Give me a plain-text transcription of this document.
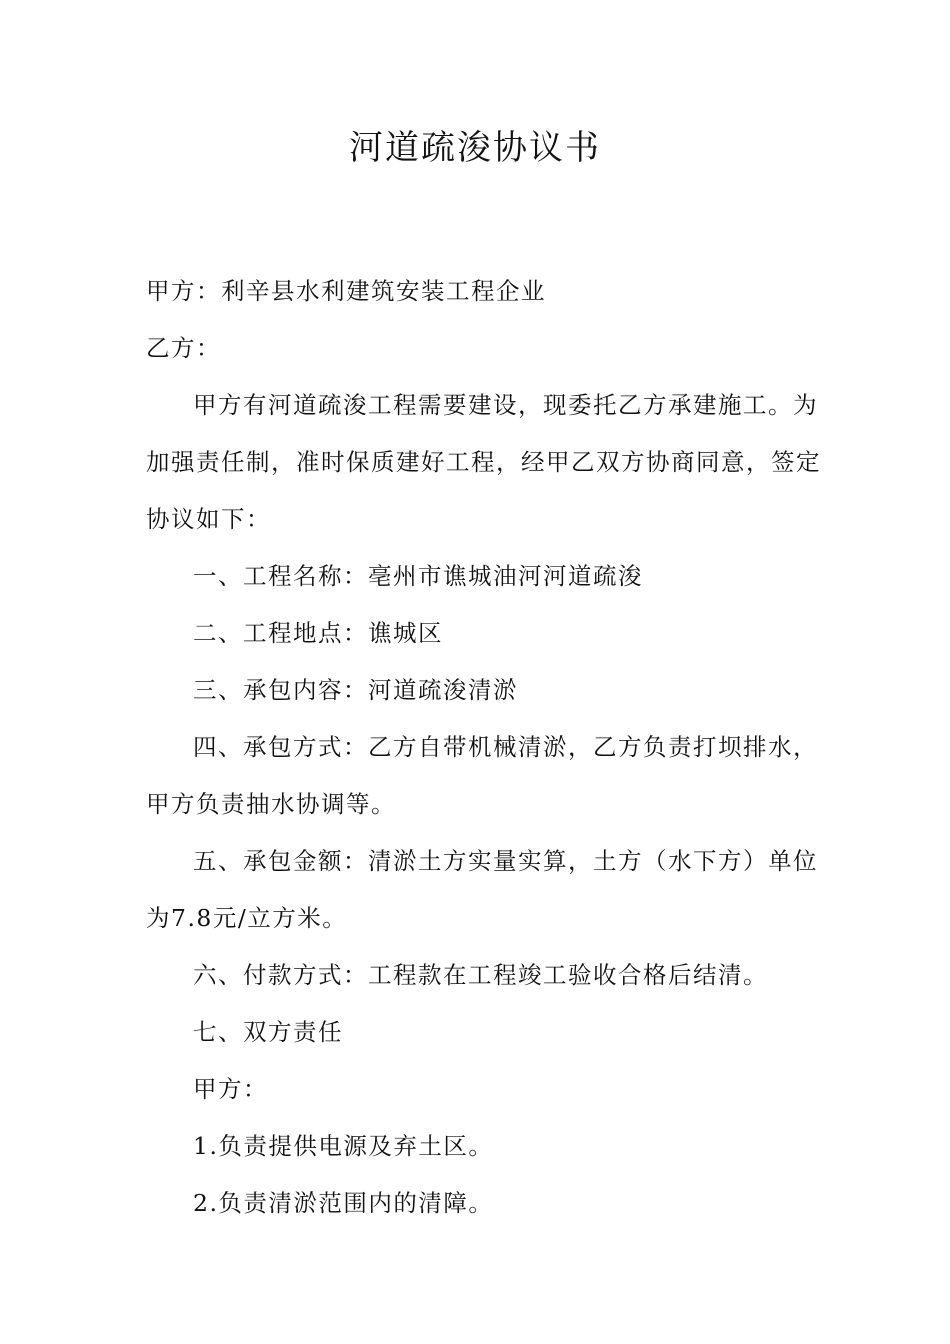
河道疏浚协议书
甲方：利辛县水利建筑安装工程企业
乙方：
甲方有河道疏浚工程需要建设，现委托乙方承建施工。为
加强责任制，准时保质建好工程，经甲乙双方协商同意，签定
协议如下：
一、工程名称：亳州市谯城油河河道疏浚
二、工程地点：谯城区
三、承包内容：河道疏浚清淤
四、承包方式：乙方自带机械清淤，乙方负责打坝排水，
甲方负责抽水协调等。
五、承包金额：清淤土方实量实算，土方（水下方）单位
为7.8元/立方米。
六、付款方式：工程款在工程竣工验收合格后结清。
七、双方责任
甲方：
1.负责提供电源及弃土区。
2.负责清淤范围内的清障。
